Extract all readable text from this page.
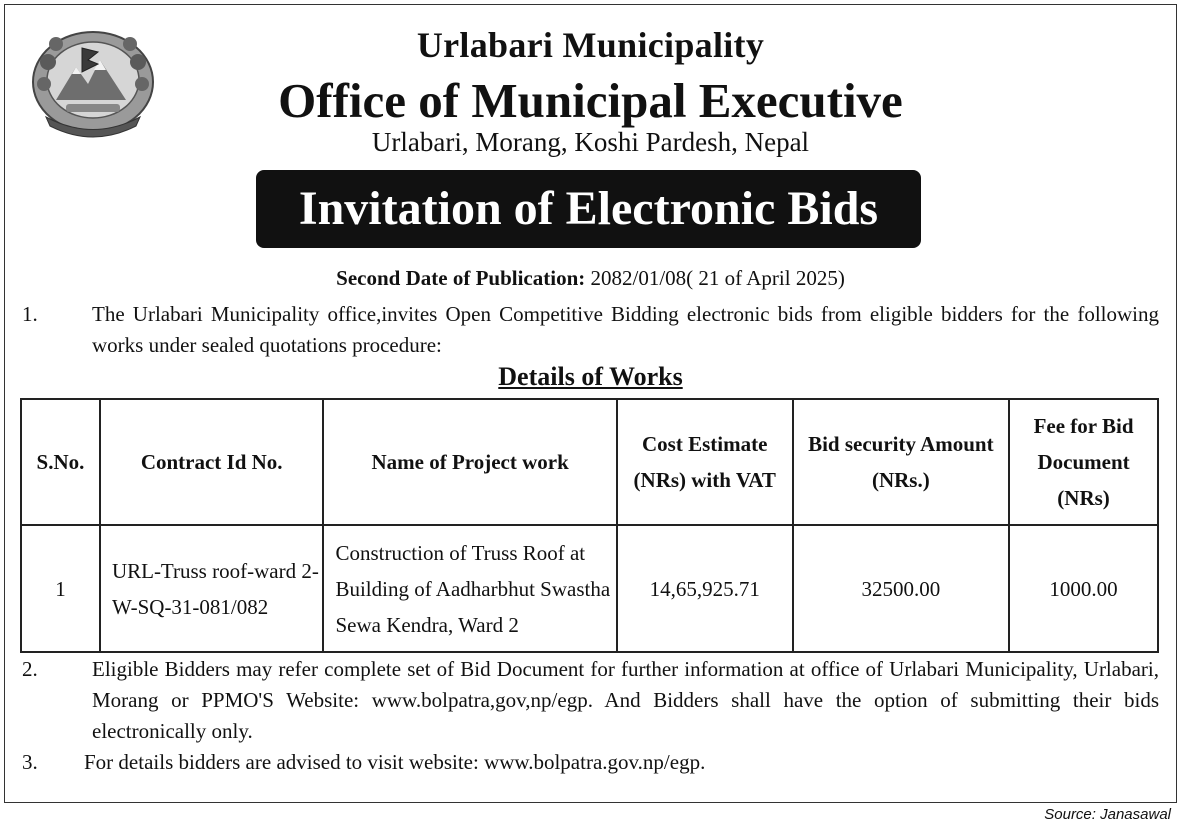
Urlabari Municipality
Office of Municipal Executive
Urlabari, Morang, Koshi Pardesh, Nepal
Invitation of Electronic Bids
Second Date of Publication: 2082/01/08( 21 of April 2025)
1.	The Urlabari Municipality office,invites Open Competitive Bidding electronic bids from eligible bidders for the following works under sealed quotations procedure:
Details of Works
S.No.	Contract Id No.	Name of Project work	Cost Estimate (NRs) with VAT	Bid security Amount (NRs.)	Fee for Bid Document (NRs)
1	URL-Truss roof-ward 2-W-SQ-31-081/082	Construction of Truss Roof at Building of Aadharbhut Swastha Sewa Kendra, Ward 2	14,65,925.71	32500.00	1000.00
2.	Eligible Bidders may refer complete set of Bid Document for further information at office of Urlabari Municipality, Urlabari, Morang or PPMO'S Website: www.bolpatra,gov,np/egp. And Bidders shall have the option of submitting their bids electronically only.
3. For details bidders are advised to visit website: www.bolpatra.gov.np/egp.
Source: Janasawal
